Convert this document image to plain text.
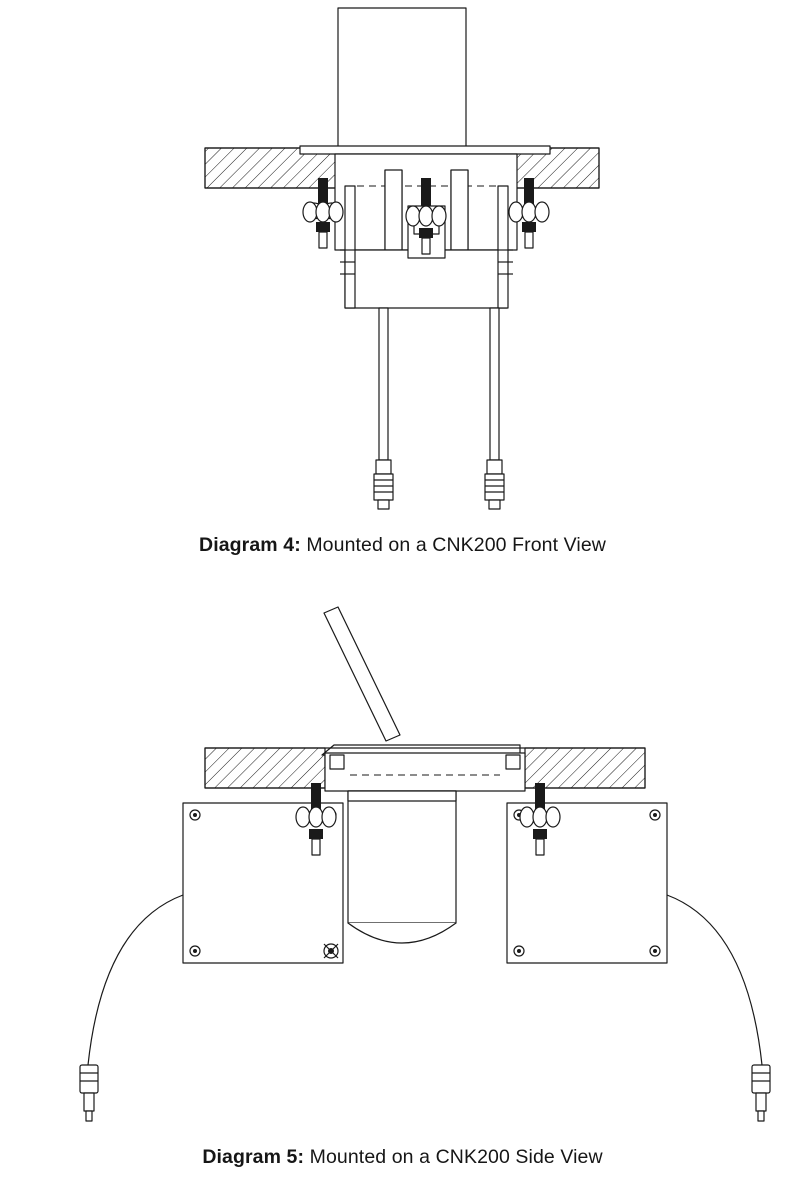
Diagram 4: Mounted on a CNK200 Front View
Diagram 5: Mounted on a CNK200 Side View
